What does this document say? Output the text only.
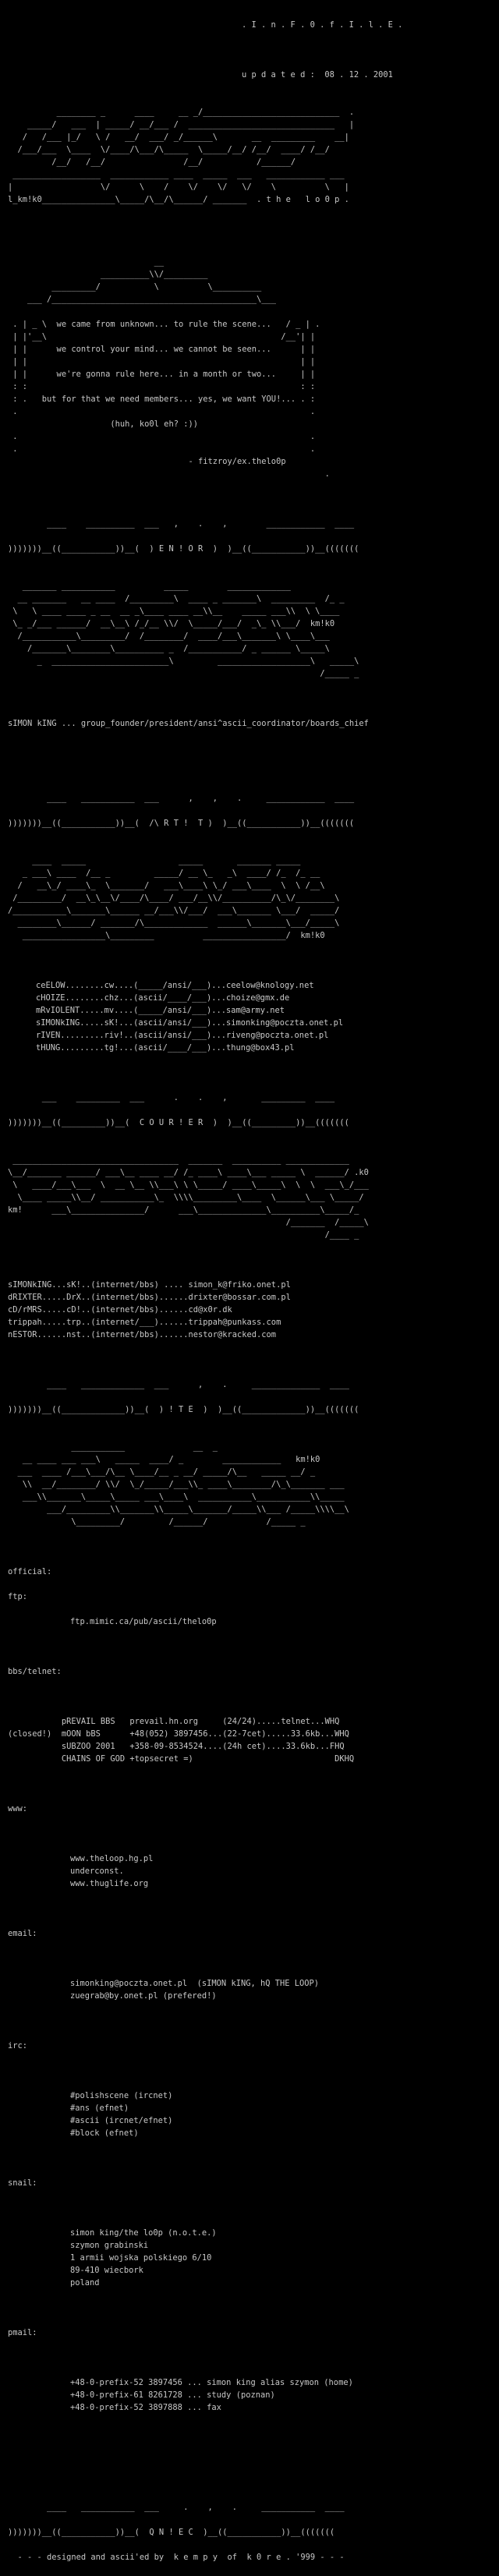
. I . n . F . 0 . f . I . l . E .

u p d a t e d :  08 . 12 . 2001

________ _      ____     __ _/____________________________  .
_____/   ___  | _____/ __/___ /  ______________________________   |
/   /___ |_/   \ /   __/  ___/ _/______\       __  _________    __|
/___/___  \____  \/____/\___/\_____  \_____/__/ /__/  ____/ /__/
/__/   /__/                /__/           /______/
__________________  ____________ ____  _____  ___   ____________ ___
|                  \/      \    /    \/    \/   \/    \          \   |
l_km!k0_______________\_____/\__/\______/ _______  . t h e   l o 0 p .

__
__________\\/_________
_________/           \          \__________
___ /__________________________________________\___

. | _ \  we came from unknown... to rule the scene...   / _ | .
| |'__\                                                /__'| |
| |      we control your mind... we cannot be seen...      | |
| |                                                        | |
| |      we're gonna rule here... in a month or two...     | |
: :                                                        : :
: .   but for that we need members... yes, we want YOU!... . :
.                                                            .
(huh, ko0l eh? :))
.                                                            .
.                                                            .
- fitzroy/ex.thelo0p
.

____    __________  ___   ,    .    ,        ____________  ____

)))))))__((___________))__(  ) E N ! O R  )  )__((___________))__(((((((

_______ ___________          _____        _____________
__ _______   __ ____  /_________\  ____ _ _______\  _________  /_ _
\   \ ____ ____ _ __  __ _\____ ____ __\\__    _____ ___\\  \ \____
\_ _/___ ______/  __\__\ /_/__ \\/  \_____/___/  _\_ \\___/  km!k0
/___________\_________/  /________/  ____/___\_______\ \____\___
/_______\________\__________ _  /___________/ _ ______ \_____\
_  ________________________\         ___________________\   _____\
/_____ _

sIMON kING ... group_founder/president/ansi^ascii_coordinator/boards_chief

____   ___________  ___      ,    ,    .     ____________  ____

)))))))__((___________))__(  /\ R T !  T )  )__((___________))__(((((((

____  _____                   _____       _______ _____
_ ___\ ____  /__ _         _____/ __ \_   _\  ____/ /_  /_ __
/   __\_/ ____\_  \_______/   ___\____\ \_/ ___\____  \  \ /__\
/_________/  __\_\__\/____/\____/ ___/__\\/__________/\_\/________\
/___________\_______\______ __/___\\/___/  ___\_______ \___/  _____/
________\______/ _______/\_____________  ______\_______\___/_____\
_________________\_________          _________________/  km!k0

ceELOW........cw....(_____/ansi/___)...ceelow@knology.net
cHOIZE........chz...(ascii/____/___)...choize@gmx.de
mRvIOLENT.....mv....(_____/ansi/___)...sam@army.net
sIMONkING.....sK!...(ascii/ansi/___)...simonking@poczta.onet.pl
rIVEN.........riv!..(ascii/ansi/___)...riveng@poczta.onet.pl
tHUNG.........tg!...(ascii/____/___)...thung@box43.pl

___    _________  ___      .    .    ,       _________  ____

)))))))__((_________))__(  C O U R ! E R  )  )__((_________))__(((((((

__________________________________  _______  __________ _____________
\__/_______ ______/ ___\__ ____ __/ /_ ____\ ____\___ _____ \  ______/ .k0
\   ____/___\___  \  __ \__ \\___\ \ \_____/ ____\_____\  \  \  ___\_/___
\____ _____\\__/ ___________\_  \\\\_________\____  \______\___ \_____/
km!      ___\_______________/      ___\______________\__________\_____/_
/_______  /_____\
/____ _

sIMONkING...sK!..(internet/bbs) .... simon_k@friko.onet.pl
dRIXTER.....DrX..(internet/bbs)......drixter@bossar.com.pl
cD/rMRS.....cD!..(internet/bbs)......cd@x0r.dk
trippah.....trp..(internet/___)......trippah@punkass.com
nESTOR......nst..(internet/bbs)......nestor@kracked.com

____   _____________  ___      ,    .     ______________  ____

)))))))__((_____________))__(  ) ! T E  )  )__((_____________))__(((((((

___________              __  _
__ ____ ___ ___\   _____  ____/ _        ____________   km!k0
___  ____ /___\___/\__ \____/__ _ __/ _____/\__   _____ __/ _
\\  __/________/ \\/  \_/_____/___\\_ ____\________/\_\_______ ___
___\\_______\_____\_____ ___\____\  ___________\___________\\_____
___/_________\\_______\\_____\_______/_____\\___ /_____\\\\__\
\_________/         /______/            /_____ _

official:

ftp:

ftp.mimic.ca/pub/ascii/thelo0p

bbs/telnet:

pREVAIL BBS   prevail.hn.org     (24/24).....telnet...WHQ
(closed!)  mOON bBS      +48(052) 3897456...(22-7cet).....33.6kb...WHQ
sUBZOO 2001   +358-09-8534524....(24h cet)....33.6kb...FHQ
CHAINS OF GOD +topsecret =)                             DKHQ

www:

www.theloop.hg.pl
underconst.
www.thuglife.org

email:

simonking@poczta.onet.pl  (sIMON kING, hQ THE LOOP)
zuegrab@by.onet.pl (prefered!)

irc:

#polishscene (ircnet)
#ans (efnet)
#ascii (ircnet/efnet)
#block (efnet)

snail:

simon king/the lo0p (n.o.t.e.)
szymon grabinski
1 armii wojska polskiego 6/10
89-410 wiecbork
poland

pmail:

+48-0-prefix-52 3897456 ... simon king alias szymon (home)
+48-0-prefix-61 8261728 ... study (poznan)
+48-0-prefix-52 3897888 ... fax

____   ___________  ___     .    ,    .     ___________  ____

)))))))__((___________))__(  Q N ! E C  )__((___________))__(((((((

- - - designed and ascii'ed by  k e m p y  of  k 0 r e . '999 - - -
